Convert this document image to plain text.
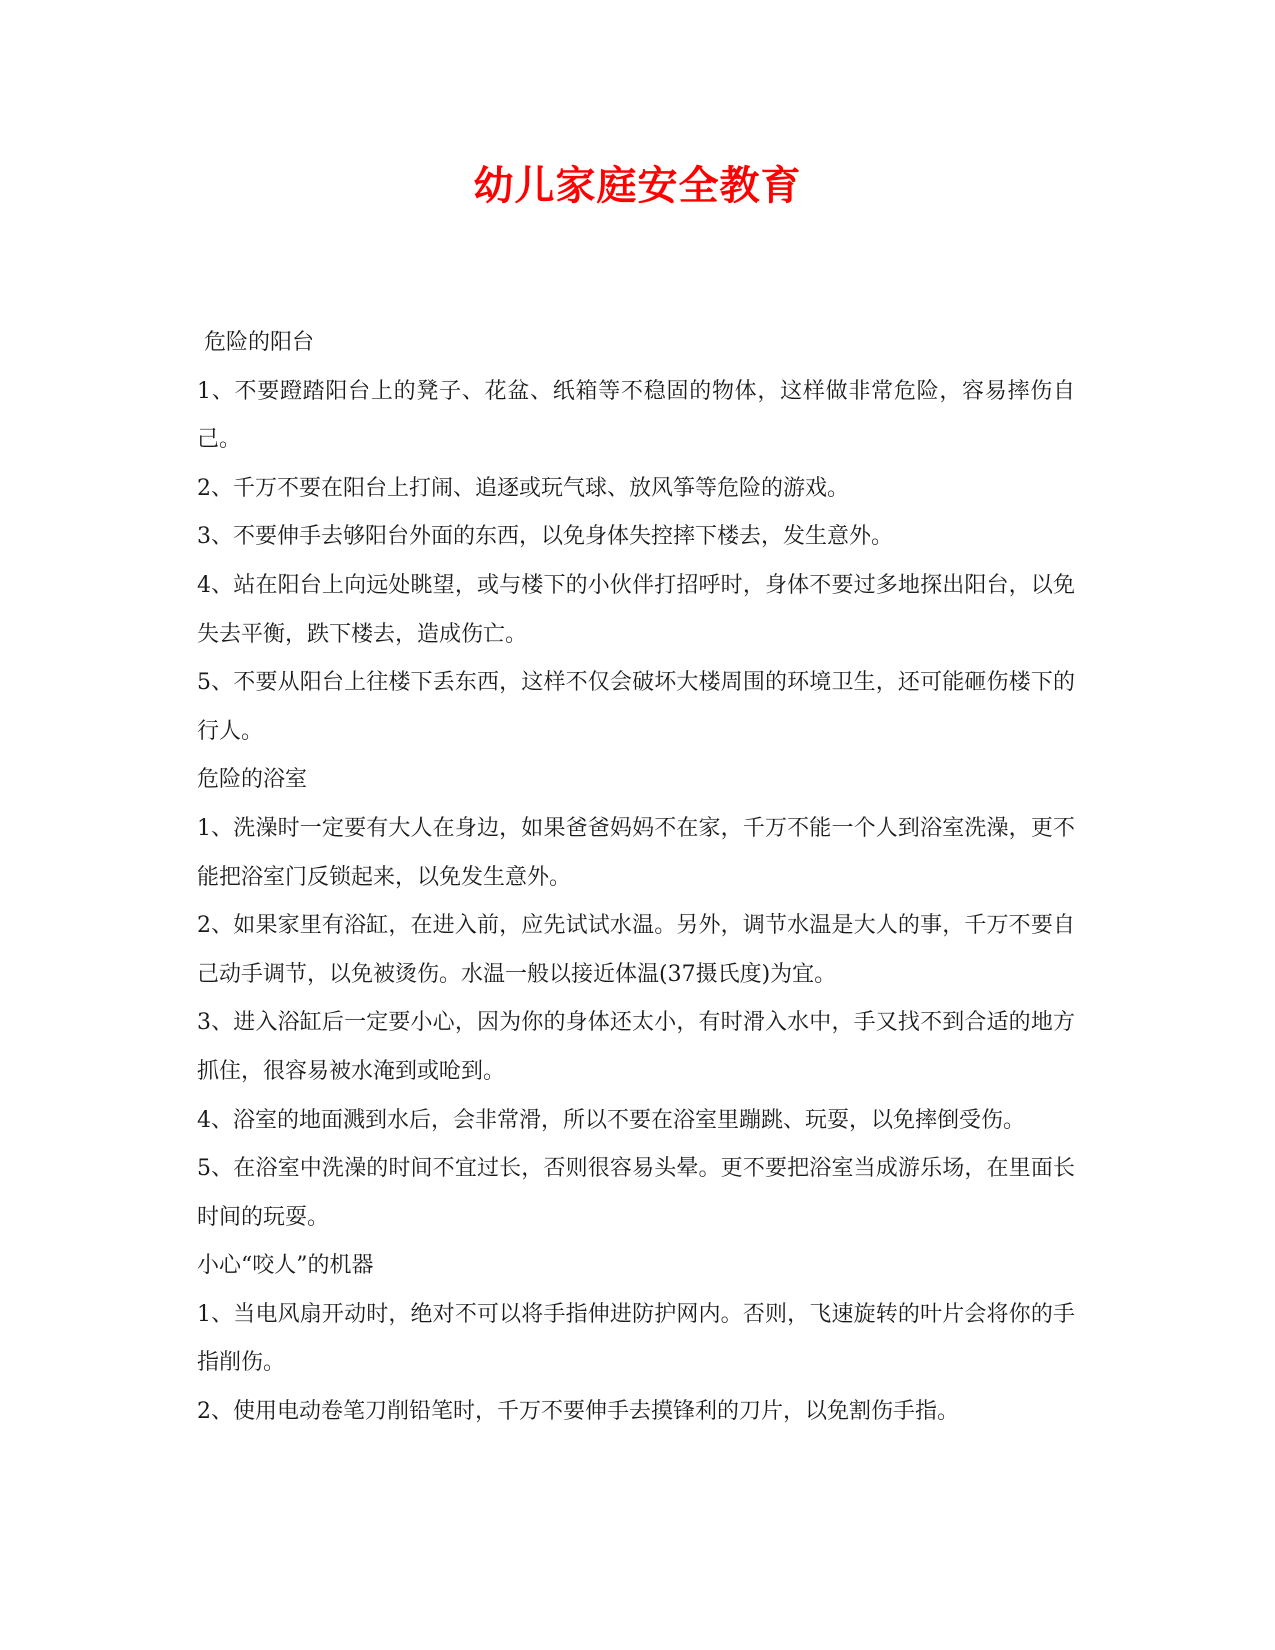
幼儿家庭安全教育

危险的阳台

1、不要蹬踏阳台上的凳子、花盆、纸箱等不稳固的物体，这样做非常危险，容易摔伤自己。

2、千万不要在阳台上打闹、追逐或玩气球、放风筝等危险的游戏。

3、不要伸手去够阳台外面的东西，以免身体失控摔下楼去，发生意外。

4、站在阳台上向远处眺望，或与楼下的小伙伴打招呼时，身体不要过多地探出阳台，以免失去平衡，跌下楼去，造成伤亡。

5、不要从阳台上往楼下丢东西，这样不仅会破坏大楼周围的环境卫生，还可能砸伤楼下的行人。

危险的浴室

1、洗澡时一定要有大人在身边，如果爸爸妈妈不在家，千万不能一个人到浴室洗澡，更不能把浴室门反锁起来，以免发生意外。

2、如果家里有浴缸，在进入前，应先试试水温。另外，调节水温是大人的事，千万不要自己动手调节，以免被烫伤。水温一般以接近体温(37摄氏度)为宜。

3、进入浴缸后一定要小心，因为你的身体还太小，有时滑入水中，手又找不到合适的地方抓住，很容易被水淹到或呛到。

4、浴室的地面溅到水后，会非常滑，所以不要在浴室里蹦跳、玩耍，以免摔倒受伤。

5、在浴室中洗澡的时间不宜过长，否则很容易头晕。更不要把浴室当成游乐场，在里面长时间的玩耍。

小心“咬人”的机器

1、当电风扇开动时，绝对不可以将手指伸进防护网内。否则，飞速旋转的叶片会将你的手指削伤。

2、使用电动卷笔刀削铅笔时，千万不要伸手去摸锋利的刀片，以免割伤手指。
